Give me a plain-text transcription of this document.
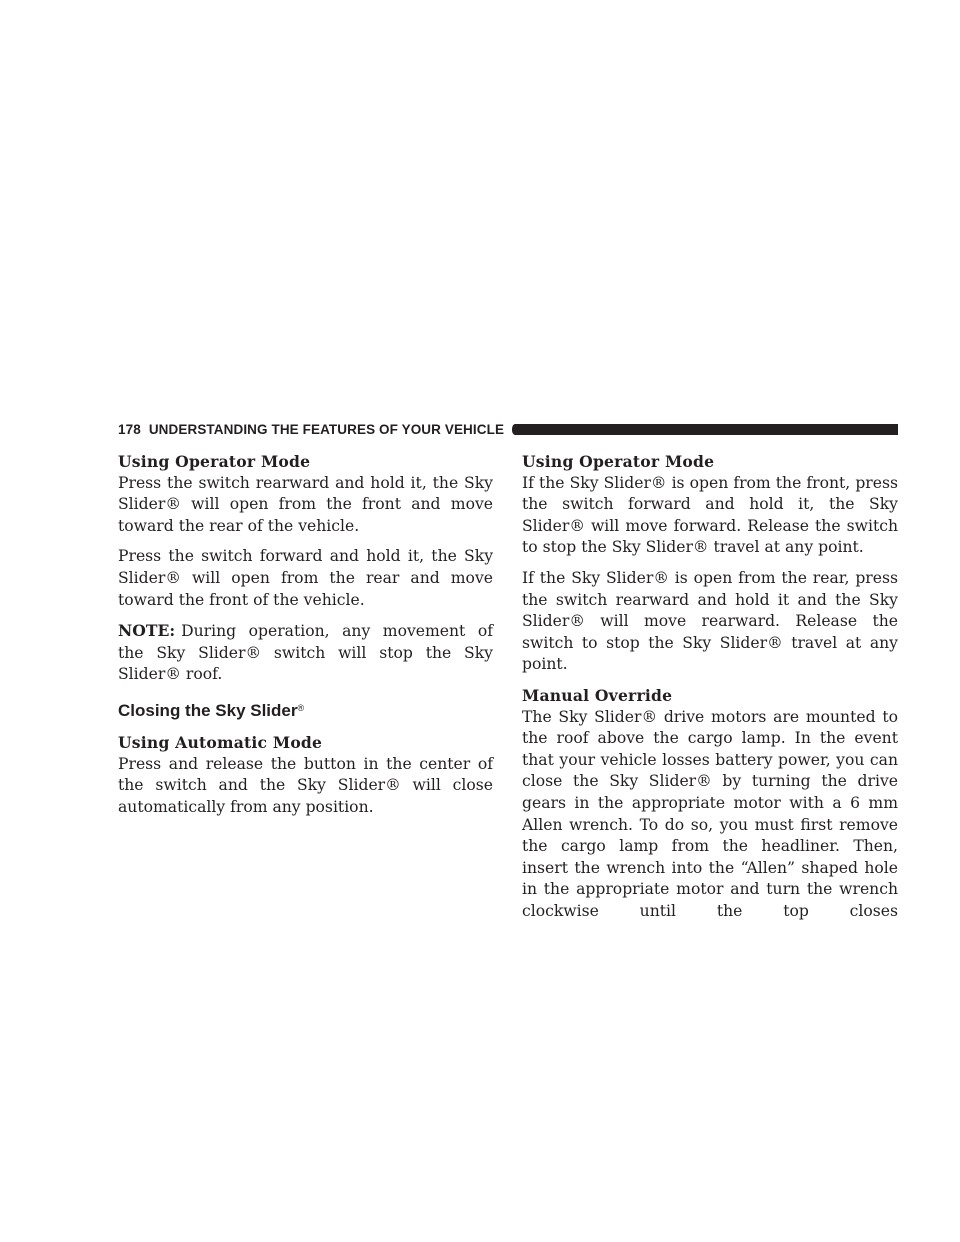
178 UNDERSTANDING THE FEATURES OF YOUR VEHICLE
Using Operator Mode

Press the switch rearward and hold it, the Sky Slider® will open from the front and move toward the rear of the vehicle.

Press the switch forward and hold it, the Sky Slider® will open from the rear and move toward the front of the vehicle.

NOTE: During operation, any movement of the Sky Slider® switch will stop the Sky Slider® roof.

Closing the Sky Slider®
Using Automatic Mode

Press and release the button in the center of the switch and the Sky Slider® will close automatically from any position.

Using Operator Mode

If the Sky Slider® is open from the front, press the switch forward and hold it, the Sky Slider® will move forward. Release the switch to stop the Sky Slider® travel at any point.

If the Sky Slider® is open from the rear, press the switch rearward and hold it and the Sky Slider® will move rearward. Release the switch to stop the Sky Slider® travel at any point.

Manual Override

The Sky Slider® drive motors are mounted to the roof above the cargo lamp. In the event that your vehicle losses battery power, you can close the Sky Slider® by turning the drive gears in the appropriate motor with a 6 mm Allen wrench. To do so, you must first remove the cargo lamp from the headliner. Then, insert the wrench into the “Allen” shaped hole in the appropriate motor and turn the wrench clockwise until the top closes
